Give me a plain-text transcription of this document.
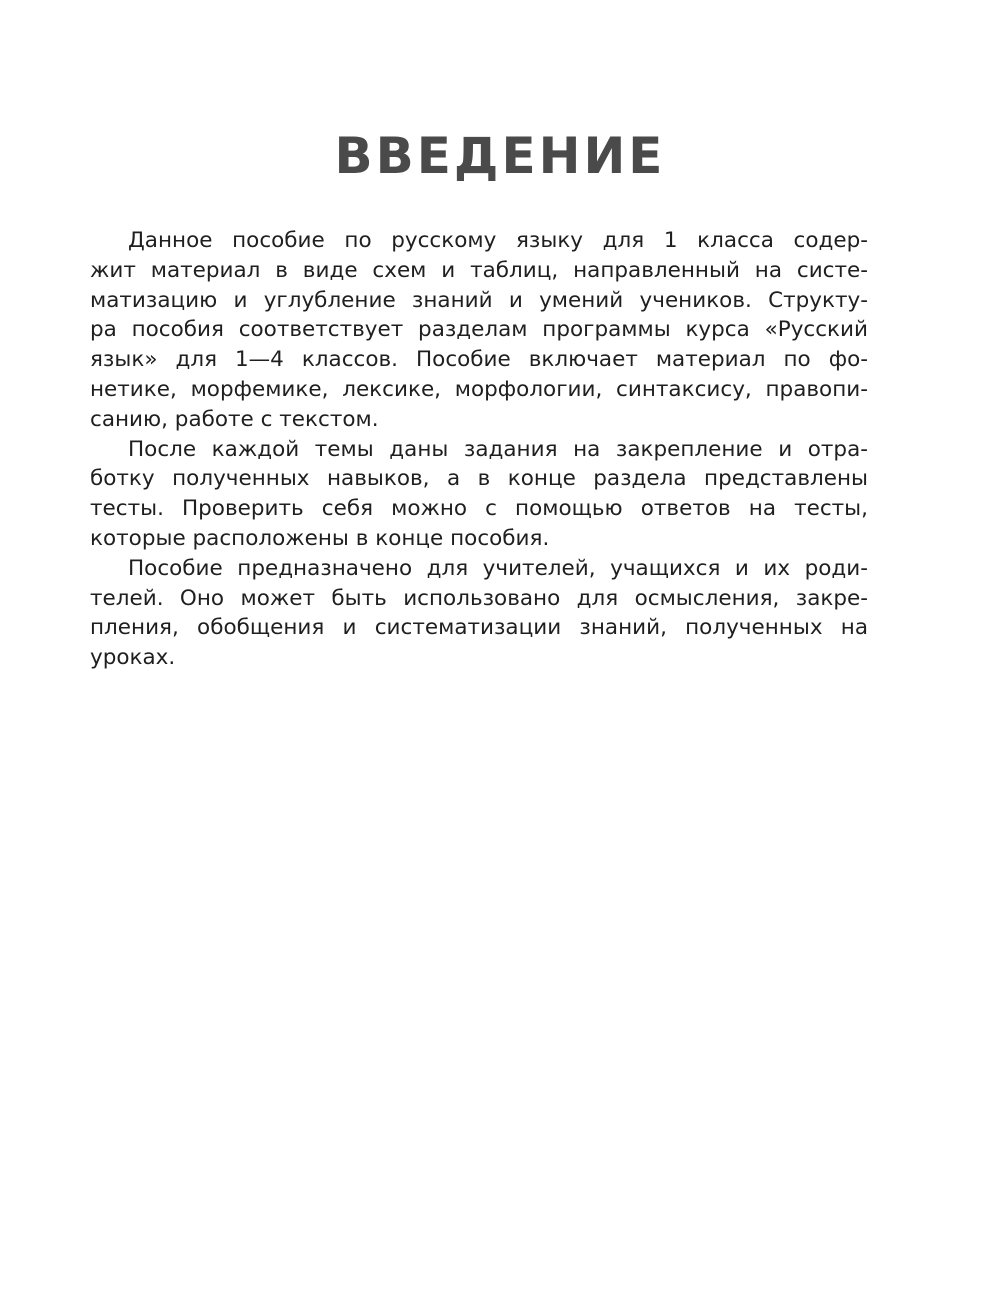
ВВЕДЕНИЕ
Данное пособие по русскому языку для 1 класса содер-
жит материал в виде схем и таблиц, направленный на систе-
матизацию и углубление знаний и умений учеников. Структу-
ра пособия соответствует разделам программы курса «Русский
язык» для 1—4 классов. Пособие включает материал по фо-
нетике, морфемике, лексике, морфологии, синтаксису, правопи-
санию, работе с текстом.
После каждой темы даны задания на закрепление и отра-
ботку полученных навыков, а в конце раздела представлены
тесты. Проверить себя можно с помощью ответов на тесты,
которые расположены в конце пособия.
Пособие предназначено для учителей, учащихся и их роди-
телей. Оно может быть использовано для осмысления, закре-
пления, обобщения и систематизации знаний, полученных на
уроках.
